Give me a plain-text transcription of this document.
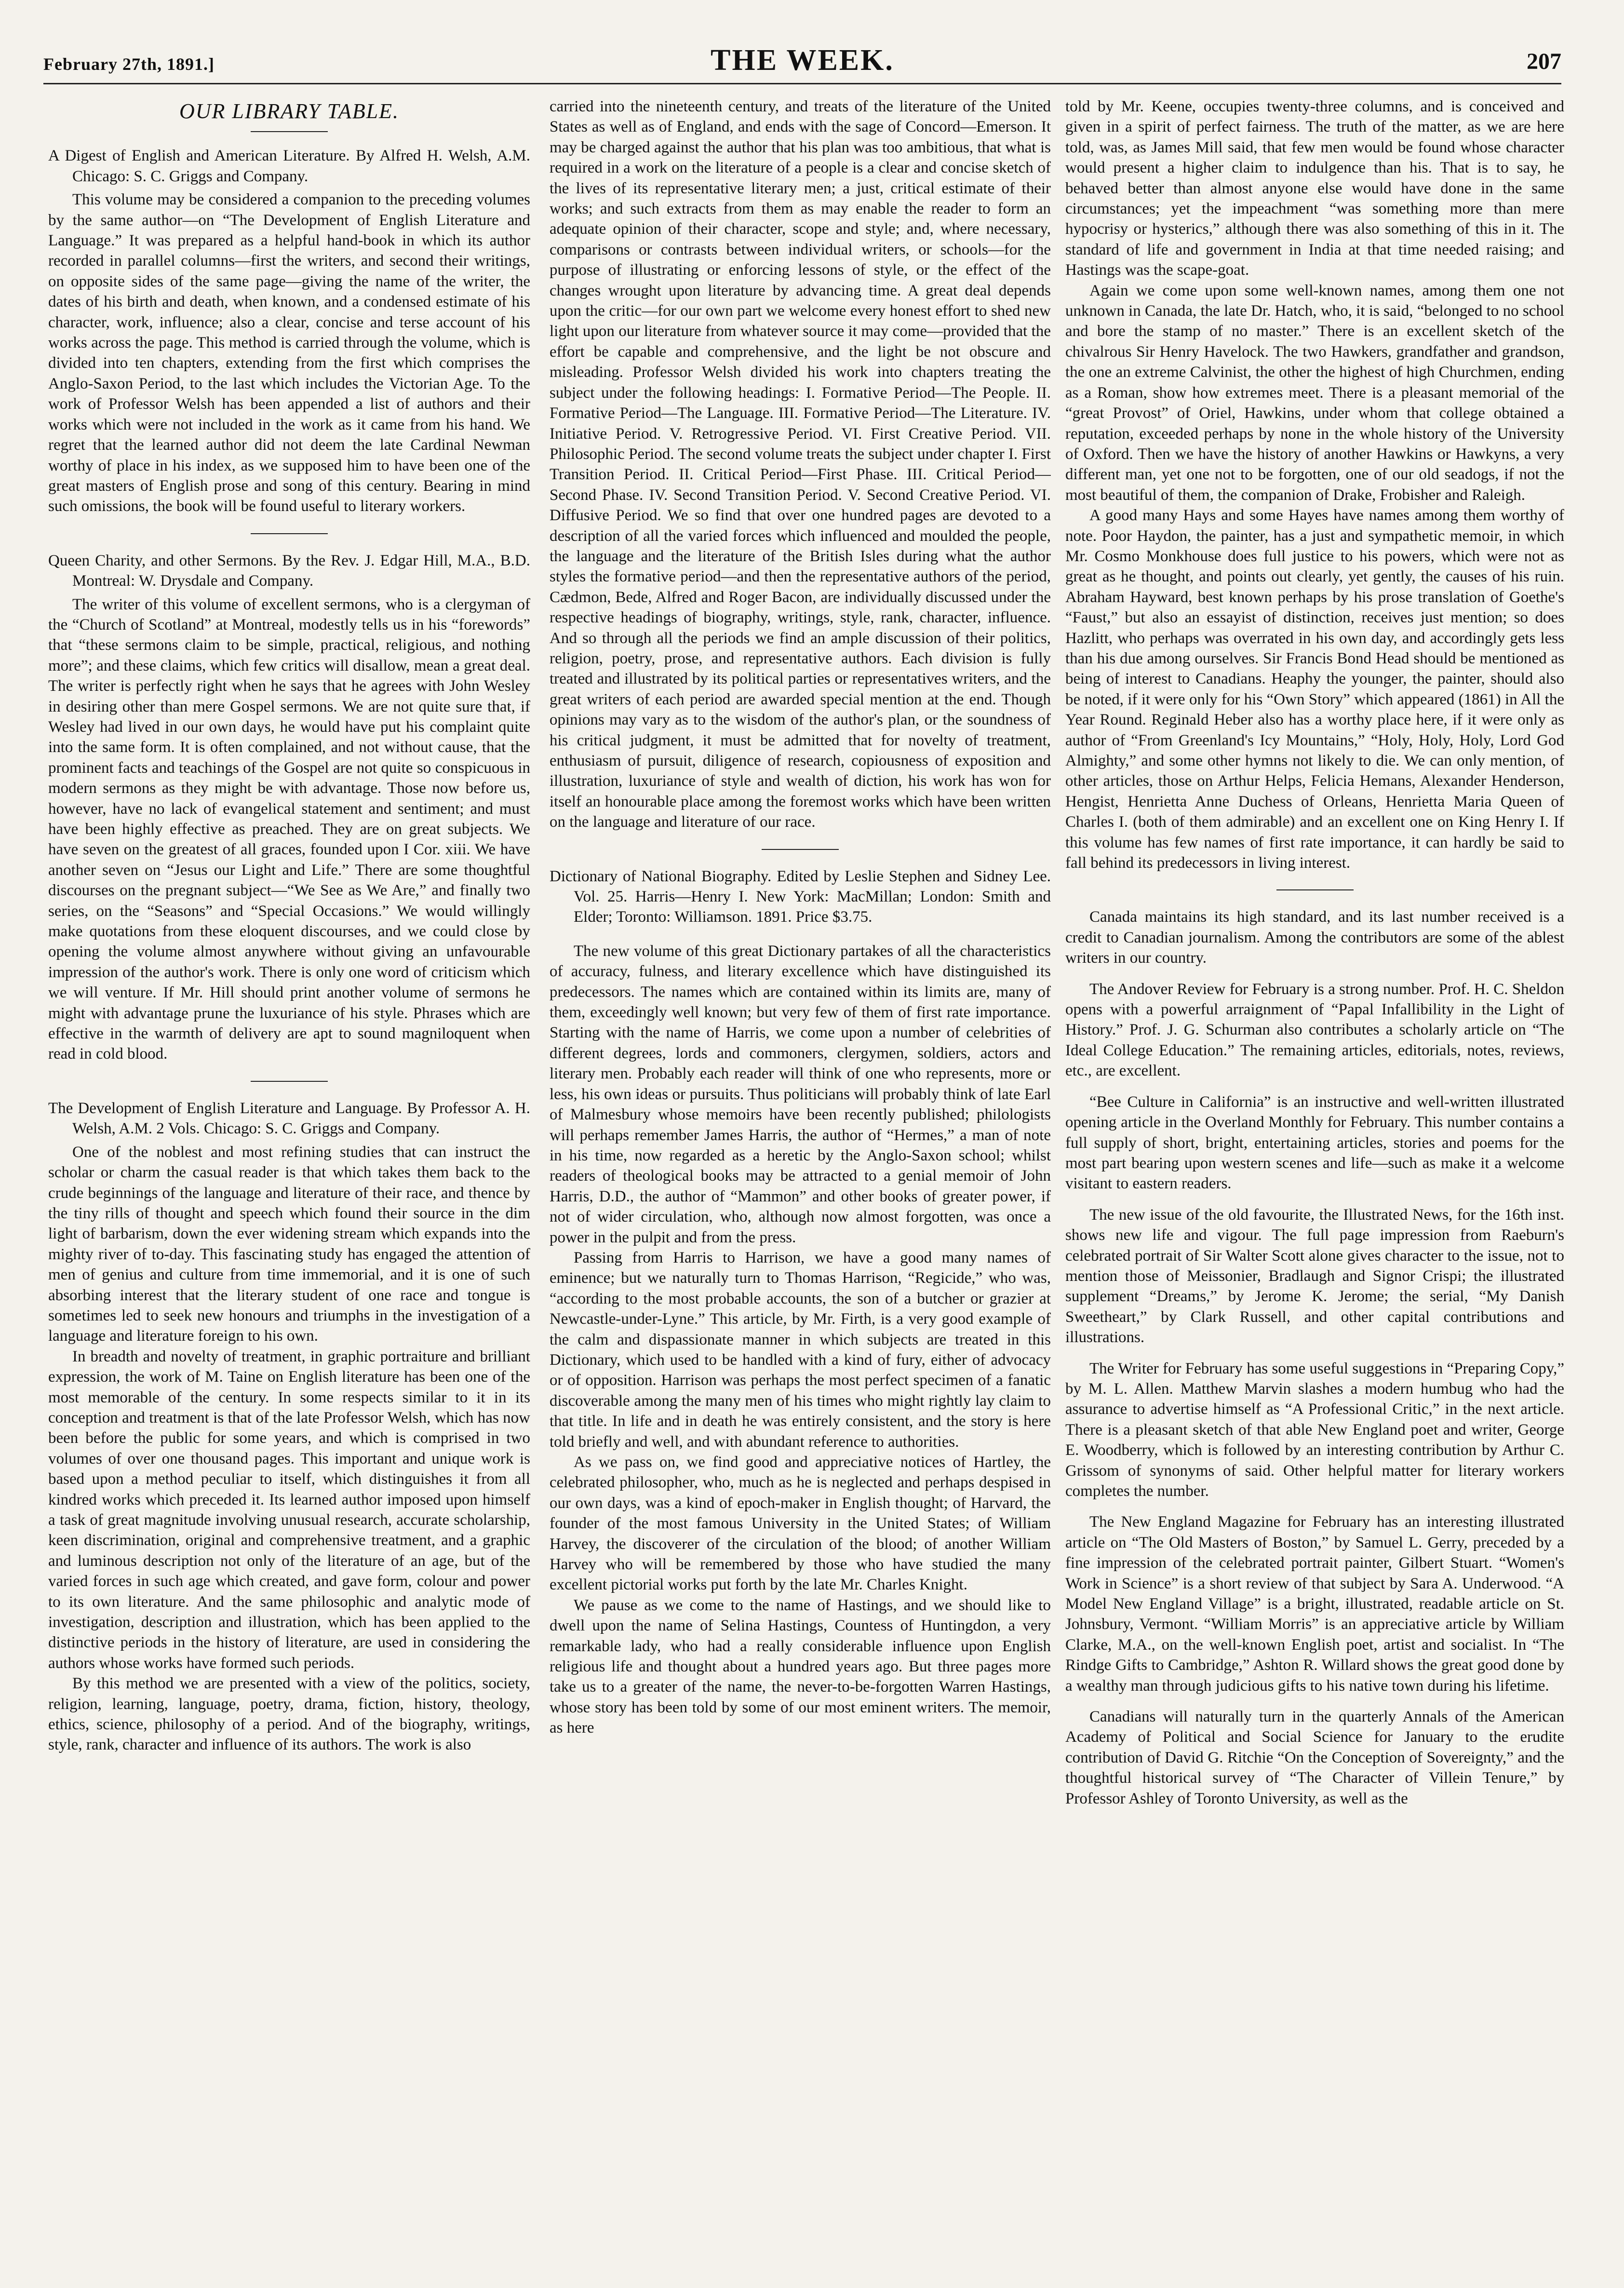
February 27th, 1891.]	THE WEEK.	207
OUR LIBRARY TABLE.
A Digest of English and American Literature. By Alfred H. Welsh, A.M. Chicago: S. C. Griggs and Company.

This volume may be considered a companion to the preceding volumes by the same author—on “The Development of English Literature and Language.” It was prepared as a helpful hand-book in which its author recorded in parallel columns—first the writers, and second their writings, on opposite sides of the same page—giving the name of the writer, the dates of his birth and death, when known, and a condensed estimate of his character, work, influence; also a clear, concise and terse account of his works across the page. This method is carried through the volume, which is divided into ten chapters, extending from the first which comprises the Anglo-Saxon Period, to the last which includes the Victorian Age. To the work of Professor Welsh has been appended a list of authors and their works which were not included in the work as it came from his hand. We regret that the learned author did not deem the late Cardinal Newman worthy of place in his index, as we supposed him to have been one of the great masters of English prose and song of this century. Bearing in mind such omissions, the book will be found useful to literary workers.

Queen Charity, and other Sermons. By the Rev. J. Edgar Hill, M.A., B.D. Montreal: W. Drysdale and Company.

The writer of this volume of excellent sermons, who is a clergyman of the “Church of Scotland” at Montreal, modestly tells us in his “forewords” that “these sermons claim to be simple, practical, religious, and nothing more”; and these claims, which few critics will disallow, mean a great deal. The writer is perfectly right when he says that he agrees with John Wesley in desiring other than mere Gospel sermons. We are not quite sure that, if Wesley had lived in our own days, he would have put his complaint quite into the same form. It is often complained, and not without cause, that the prominent facts and teachings of the Gospel are not quite so conspicuous in modern sermons as they might be with advantage. Those now before us, however, have no lack of evangelical statement and sentiment; and must have been highly effective as preached. They are on great subjects. We have seven on the greatest of all graces, founded upon I Cor. xiii. We have another seven on “Jesus our Light and Life.” There are some thoughtful discourses on the pregnant subject—“We See as We Are,” and finally two series, on the “Seasons” and “Special Occasions.” We would willingly make quotations from these eloquent discourses, and we could close by opening the volume almost anywhere without giving an unfavourable impression of the author's work. There is only one word of criticism which we will venture. If Mr. Hill should print another volume of sermons he might with advantage prune the luxuriance of his style. Phrases which are effective in the warmth of delivery are apt to sound magniloquent when read in cold blood.

The Development of English Literature and Language. By Professor A. H. Welsh, A.M. 2 Vols. Chicago: S. C. Griggs and Company.

One of the noblest and most refining studies that can instruct the scholar or charm the casual reader is that which takes them back to the crude beginnings of the language and literature of their race, and thence by the tiny rills of thought and speech which found their source in the dim light of barbarism, down the ever widening stream which expands into the mighty river of to-day. This fascinating study has engaged the attention of men of genius and culture from time immemorial, and it is one of such absorbing interest that the literary student of one race and tongue is sometimes led to seek new honours and triumphs in the investigation of a language and literature foreign to his own.

In breadth and novelty of treatment, in graphic portraiture and brilliant expression, the work of M. Taine on English literature has been one of the most memorable of the century. In some respects similar to it in its conception and treatment is that of the late Professor Welsh, which has now been before the public for some years, and which is comprised in two volumes of over one thousand pages. This important and unique work is based upon a method peculiar to itself, which distinguishes it from all kindred works which preceded it. Its learned author imposed upon himself a task of great magnitude involving unusual research, accurate scholarship, keen discrimination, original and comprehensive treatment, and a graphic and luminous description not only of the literature of an age, but of the varied forces in such age which created, and gave form, colour and power to its own literature. And the same philosophic and analytic mode of investigation, description and illustration, which has been applied to the distinctive periods in the history of literature, are used in considering the authors whose works have formed such periods.

By this method we are presented with a view of the politics, society, religion, learning, language, poetry, drama, fiction, history, theology, ethics, science, philosophy of a period. And of the biography, writings, style, rank, character and influence of its authors. The work is also

carried into the nineteenth century, and treats of the literature of the United States as well as of England, and ends with the sage of Concord—Emerson. It may be charged against the author that his plan was too ambitious, that what is required in a work on the literature of a people is a clear and concise sketch of the lives of its representative literary men; a just, critical estimate of their works; and such extracts from them as may enable the reader to form an adequate opinion of their character, scope and style; and, where necessary, comparisons or contrasts between individual writers, or schools—for the purpose of illustrating or enforcing lessons of style, or the effect of the changes wrought upon literature by advancing time. A great deal depends upon the critic—for our own part we welcome every honest effort to shed new light upon our literature from whatever source it may come—provided that the effort be capable and comprehensive, and the light be not obscure and misleading. Professor Welsh divided his work into chapters treating the subject under the following headings: I. Formative Period—The People. II. Formative Period—The Language. III. Formative Period—The Literature. IV. Initiative Period. V. Retrogressive Period. VI. First Creative Period. VII. Philosophic Period. The second volume treats the subject under chapter I. First Transition Period. II. Critical Period—First Phase. III. Critical Period—Second Phase. IV. Second Transition Period. V. Second Creative Period. VI. Diffusive Period. We so find that over one hundred pages are devoted to a description of all the varied forces which influenced and moulded the people, the language and the literature of the British Isles during what the author styles the formative period—and then the representative authors of the period, Cædmon, Bede, Alfred and Roger Bacon, are individually discussed under the respective headings of biography, writings, style, rank, character, influence. And so through all the periods we find an ample discussion of their politics, religion, poetry, prose, and representative authors. Each division is fully treated and illustrated by its political parties or representatives writers, and the great writers of each period are awarded special mention at the end. Though opinions may vary as to the wisdom of the author's plan, or the soundness of his critical judgment, it must be admitted that for novelty of treatment, enthusiasm of pursuit, diligence of research, copiousness of exposition and illustration, luxuriance of style and wealth of diction, his work has won for itself an honourable place among the foremost works which have been written on the language and literature of our race.

Dictionary of National Biography. Edited by Leslie Stephen and Sidney Lee. Vol. 25. Harris—Henry I. New York: MacMillan; London: Smith and Elder; Toronto: Williamson. 1891. Price $3.75.

The new volume of this great Dictionary partakes of all the characteristics of accuracy, fulness, and literary excellence which have distinguished its predecessors. The names which are contained within its limits are, many of them, exceedingly well known; but very few of them of first rate importance. Starting with the name of Harris, we come upon a number of celebrities of different degrees, lords and commoners, clergymen, soldiers, actors and literary men. Probably each reader will think of one who represents, more or less, his own ideas or pursuits. Thus politicians will probably think of late Earl of Malmesbury whose memoirs have been recently published; philologists will perhaps remember James Harris, the author of “Hermes,” a man of note in his time, now regarded as a heretic by the Anglo-Saxon school; whilst readers of theological books may be attracted to a genial memoir of John Harris, D.D., the author of “Mammon” and other books of greater power, if not of wider circulation, who, although now almost forgotten, was once a power in the pulpit and from the press.

Passing from Harris to Harrison, we have a good many names of eminence; but we naturally turn to Thomas Harrison, “Regicide,” who was, “according to the most probable accounts, the son of a butcher or grazier at Newcastle-under-Lyne.” This article, by Mr. Firth, is a very good example of the calm and dispassionate manner in which subjects are treated in this Dictionary, which used to be handled with a kind of fury, either of advocacy or of opposition. Harrison was perhaps the most perfect specimen of a fanatic discoverable among the many men of his times who might rightly lay claim to that title. In life and in death he was entirely consistent, and the story is here told briefly and well, and with abundant reference to authorities.

As we pass on, we find good and appreciative notices of Hartley, the celebrated philosopher, who, much as he is neglected and perhaps despised in our own days, was a kind of epoch-maker in English thought; of Harvard, the founder of the most famous University in the United States; of William Harvey, the discoverer of the circulation of the blood; of another William Harvey who will be remembered by those who have studied the many excellent pictorial works put forth by the late Mr. Charles Knight.

We pause as we come to the name of Hastings, and we should like to dwell upon the name of Selina Hastings, Countess of Huntingdon, a very remarkable lady, who had a really considerable influence upon English religious life and thought about a hundred years ago. But three pages more take us to a greater of the name, the never-to-be-forgotten Warren Hastings, whose story has been told by some of our most eminent writers. The memoir, as here

told by Mr. Keene, occupies twenty-three columns, and is conceived and given in a spirit of perfect fairness. The truth of the matter, as we are here told, was, as James Mill said, that few men would be found whose character would present a higher claim to indulgence than his. That is to say, he behaved better than almost anyone else would have done in the same circumstances; yet the impeachment “was something more than mere hypocrisy or hysterics,” although there was also something of this in it. The standard of life and government in India at that time needed raising; and Hastings was the scape-goat.

Again we come upon some well-known names, among them one not unknown in Canada, the late Dr. Hatch, who, it is said, “belonged to no school and bore the stamp of no master.” There is an excellent sketch of the chivalrous Sir Henry Havelock. The two Hawkers, grandfather and grandson, the one an extreme Calvinist, the other the highest of high Churchmen, ending as a Roman, show how extremes meet. There is a pleasant memorial of the “great Provost” of Oriel, Hawkins, under whom that college obtained a reputation, exceeded perhaps by none in the whole history of the University of Oxford. Then we have the history of another Hawkins or Hawkyns, a very different man, yet one not to be forgotten, one of our old seadogs, if not the most beautiful of them, the companion of Drake, Frobisher and Raleigh.

A good many Hays and some Hayes have names among them worthy of note. Poor Haydon, the painter, has a just and sympathetic memoir, in which Mr. Cosmo Monkhouse does full justice to his powers, which were not as great as he thought, and points out clearly, yet gently, the causes of his ruin. Abraham Hayward, best known perhaps by his prose translation of Goethe's “Faust,” but also an essayist of distinction, receives just mention; so does Hazlitt, who perhaps was overrated in his own day, and accordingly gets less than his due among ourselves. Sir Francis Bond Head should be mentioned as being of interest to Canadians. Heaphy the younger, the painter, should also be noted, if it were only for his “Own Story” which appeared (1861) in All the Year Round. Reginald Heber also has a worthy place here, if it were only as author of “From Greenland's Icy Mountains,” “Holy, Holy, Holy, Lord God Almighty,” and some other hymns not likely to die. We can only mention, of other articles, those on Arthur Helps, Felicia Hemans, Alexander Henderson, Hengist, Henrietta Anne Duchess of Orleans, Henrietta Maria Queen of Charles I. (both of them admirable) and an excellent one on King Henry I. If this volume has few names of first rate importance, it can hardly be said to fall behind its predecessors in living interest.

Canada maintains its high standard, and its last number received is a credit to Canadian journalism. Among the contributors are some of the ablest writers in our country.

The Andover Review for February is a strong number. Prof. H. C. Sheldon opens with a powerful arraignment of “Papal Infallibility in the Light of History.” Prof. J. G. Schurman also contributes a scholarly article on “The Ideal College Education.” The remaining articles, editorials, notes, reviews, etc., are excellent.

“Bee Culture in California” is an instructive and well-written illustrated opening article in the Overland Monthly for February. This number contains a full supply of short, bright, entertaining articles, stories and poems for the most part bearing upon western scenes and life—such as make it a welcome visitant to eastern readers.

The new issue of the old favourite, the Illustrated News, for the 16th inst. shows new life and vigour. The full page impression from Raeburn's celebrated portrait of Sir Walter Scott alone gives character to the issue, not to mention those of Meissonier, Bradlaugh and Signor Crispi; the illustrated supplement “Dreams,” by Jerome K. Jerome; the serial, “My Danish Sweetheart,” by Clark Russell, and other capital contributions and illustrations.

The Writer for February has some useful suggestions in “Preparing Copy,” by M. L. Allen. Matthew Marvin slashes a modern humbug who had the assurance to advertise himself as “A Professional Critic,” in the next article. There is a pleasant sketch of that able New England poet and writer, George E. Woodberry, which is followed by an interesting contribution by Arthur C. Grissom of synonyms of said. Other helpful matter for literary workers completes the number.

The New England Magazine for February has an interesting illustrated article on “The Old Masters of Boston,” by Samuel L. Gerry, preceded by a fine impression of the celebrated portrait painter, Gilbert Stuart. “Women's Work in Science” is a short review of that subject by Sara A. Underwood. “A Model New England Village” is a bright, illustrated, readable article on St. Johnsbury, Vermont. “William Morris” is an appreciative article by William Clarke, M.A., on the well-known English poet, artist and socialist. In “The Rindge Gifts to Cambridge,” Ashton R. Willard shows the great good done by a wealthy man through judicious gifts to his native town during his lifetime.

Canadians will naturally turn in the quarterly Annals of the American Academy of Political and Social Science for January to the erudite contribution of David G. Ritchie “On the Conception of Sovereignty,” and the thoughtful historical survey of “The Character of Villein Tenure,” by Professor Ashley of Toronto University, as well as the
